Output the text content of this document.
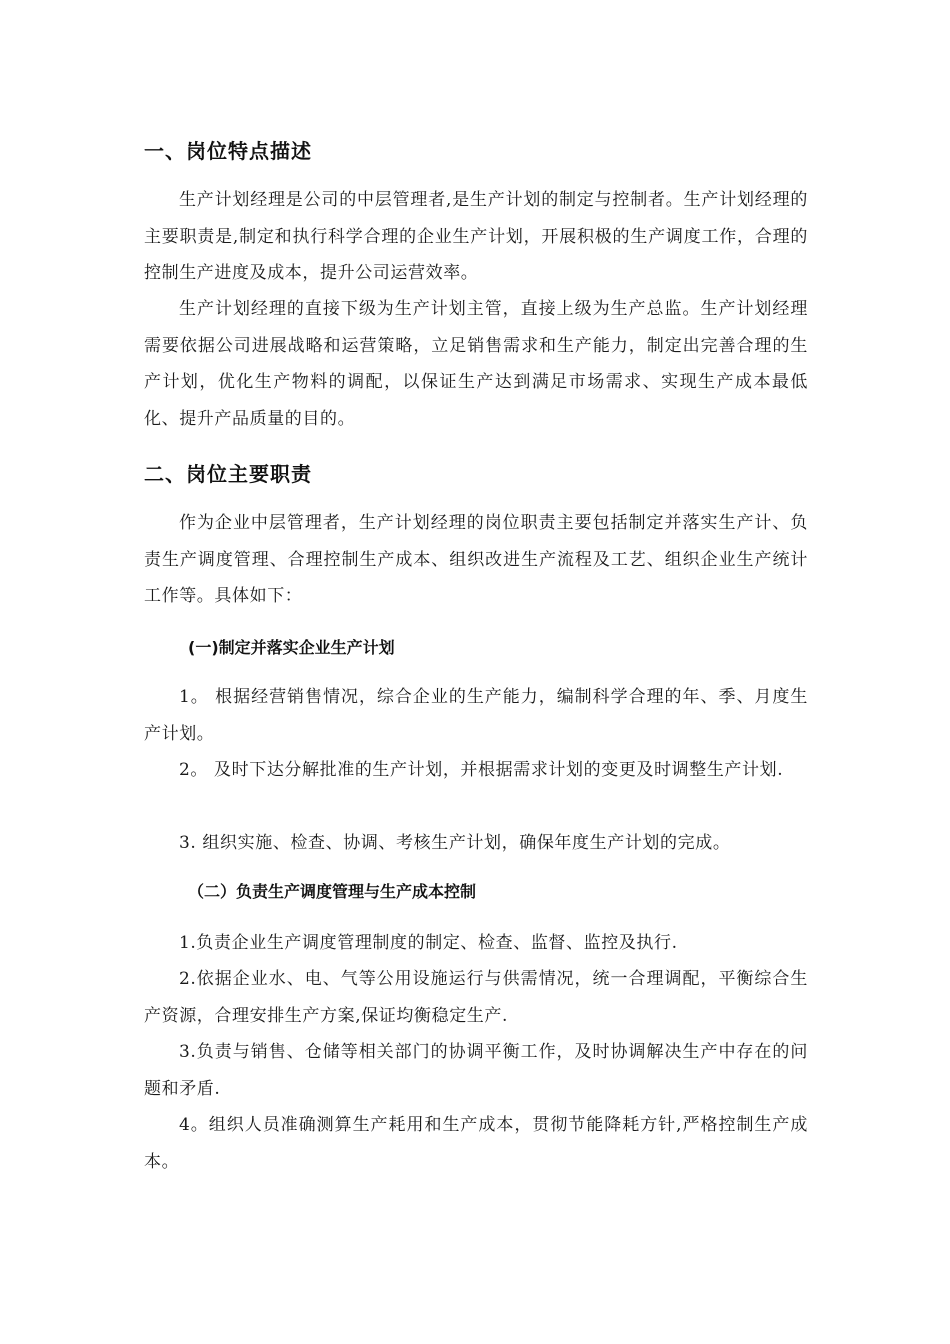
一、岗位特点描述

生产计划经理是公司的中层管理者,是生产计划的制定与控制者。生产计划经理的主要职责是,制定和执行科学合理的企业生产计划，开展积极的生产调度工作，合理的控制生产进度及成本，提升公司运营效率。

生产计划经理的直接下级为生产计划主管，直接上级为生产总监。生产计划经理需要依据公司进展战略和运营策略，立足销售需求和生产能力，制定出完善合理的生产计划，优化生产物料的调配，以保证生产达到满足市场需求、实现生产成本最低化、提升产品质量的目的。

二、岗位主要职责

作为企业中层管理者，生产计划经理的岗位职责主要包括制定并落实生产计、负责生产调度管理、合理控制生产成本、组织改进生产流程及工艺、组织企业生产统计工作等。具体如下：

(一)制定并落实企业生产计划

1。 根据经营销售情况，综合企业的生产能力，编制科学合理的年、季、月度生产计划。

2。 及时下达分解批准的生产计划，并根据需求计划的变更及时调整生产计划.

3. 组织实施、检查、协调、考核生产计划，确保年度生产计划的完成。

（二）负责生产调度管理与生产成本控制

1.负责企业生产调度管理制度的制定、检查、监督、监控及执行.

2.依据企业水、电、气等公用设施运行与供需情况，统一合理调配，平衡综合生产资源，合理安排生产方案,保证均衡稳定生产.

3.负责与销售、仓储等相关部门的协调平衡工作，及时协调解决生产中存在的问题和矛盾.

4。组织人员准确测算生产耗用和生产成本，贯彻节能降耗方针,严格控制生产成本。
